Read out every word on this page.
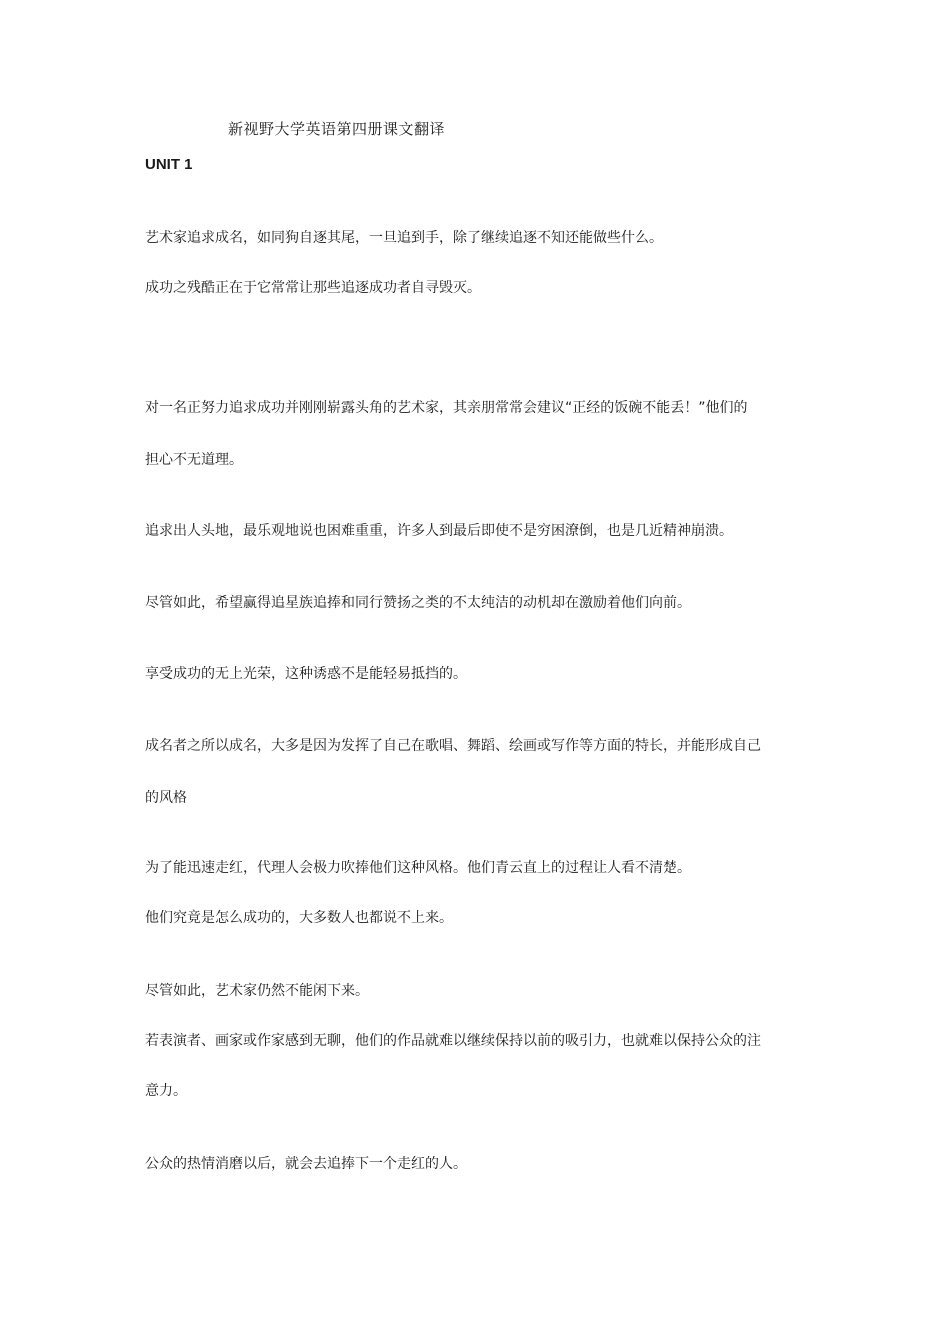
新视野大学英语第四册课文翻译
UNIT 1
艺术家追求成名，如同狗自逐其尾，一旦追到手，除了继续追逐不知还能做些什么。
成功之残酷正在于它常常让那些追逐成功者自寻毁灭。
对一名正努力追求成功并刚刚崭露头角的艺术家，其亲朋常常会建议“正经的饭碗不能丢！”他们的
担心不无道理。
追求出人头地，最乐观地说也困难重重，许多人到最后即使不是穷困潦倒，也是几近精神崩溃。
尽管如此，希望赢得追星族追捧和同行赞扬之类的不太纯洁的动机却在激励着他们向前。
享受成功的无上光荣，这种诱惑不是能轻易抵挡的。
成名者之所以成名，大多是因为发挥了自己在歌唱、舞蹈、绘画或写作等方面的特长，并能形成自己
的风格
为了能迅速走红，代理人会极力吹捧他们这种风格。他们青云直上的过程让人看不清楚。
他们究竟是怎么成功的，大多数人也都说不上来。
尽管如此，艺术家仍然不能闲下来。
若表演者、画家或作家感到无聊，他们的作品就难以继续保持以前的吸引力，也就难以保持公众的注
意力。
公众的热情消磨以后，就会去追捧下一个走红的人。
